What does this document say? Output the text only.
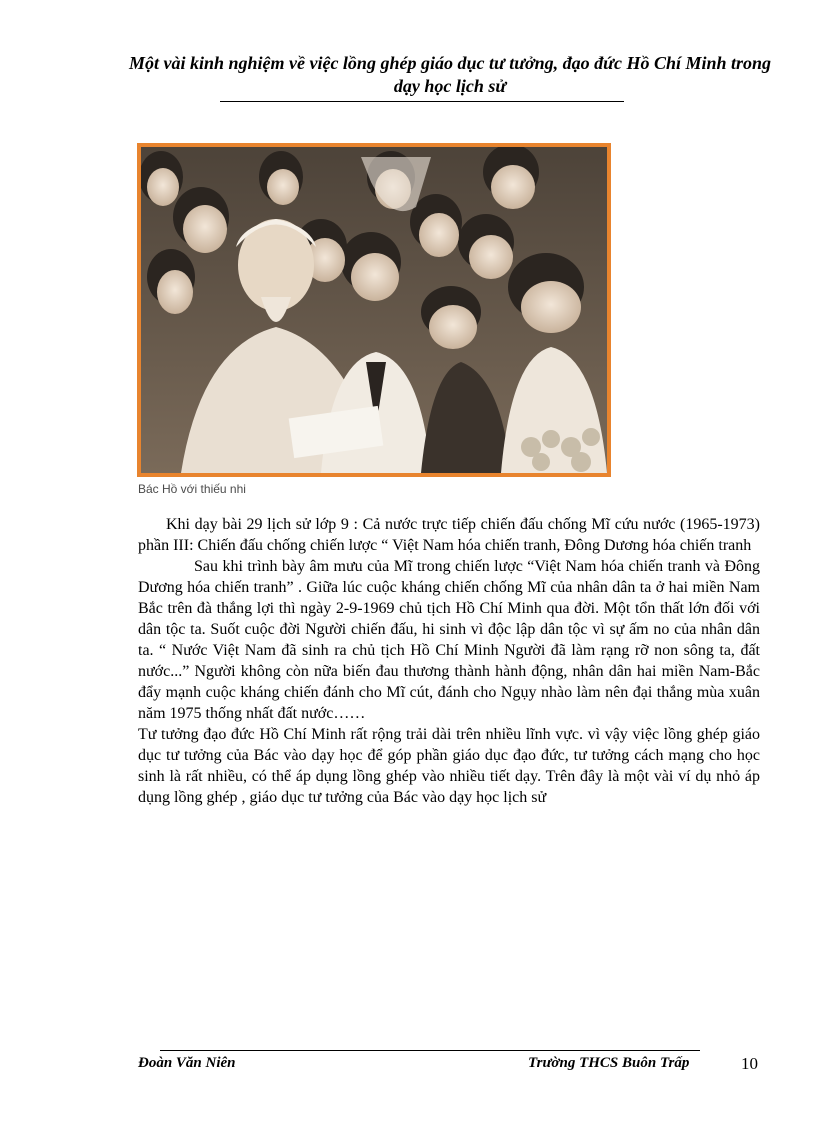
Một vài kinh nghiệm về việc lồng ghép giáo dục tư tưởng, đạo đức Hồ Chí Minh trong dạy học lịch sử
Bác Hồ với thiếu nhi

Khi dạy bài 29 lịch sử lớp 9 : Cả nước trực tiếp chiến đấu chống Mĩ cứu nước (1965-1973) phần III: Chiến đấu chống chiến lược “ Việt Nam hóa chiến tranh, Đông Dương hóa chiến tranh

Sau khi trình bày âm mưu của Mĩ trong chiến lược “Việt Nam hóa chiến tranh và Đông Dương hóa chiến tranh” . Giữa lúc cuộc kháng chiến chống Mĩ của nhân dân ta ở hai miền Nam Bắc trên đà thắng lợi thì ngày 2-9-1969 chủ tịch Hồ Chí Minh qua đời. Một tổn thất lớn đối với dân tộc ta. Suốt cuộc đời Người chiến đấu, hi sinh vì độc lập dân tộc vì sự ấm no của nhân dân ta. “ Nước Việt Nam đã sinh ra chủ tịch Hồ Chí Minh Người đã làm rạng rỡ non sông ta, đất nước...” Người không còn nữa biến đau thương thành hành động, nhân dân hai miền Nam-Bắc đẩy mạnh cuộc kháng chiến đánh cho Mĩ cút, đánh cho Ngụy nhào làm nên đại thắng mùa xuân năm 1975 thống nhất đất nước……

Tư tưởng đạo đức Hồ Chí Minh rất rộng trải dài trên nhiều lĩnh vực. vì vậy việc lồng ghép giáo dục tư tưởng của Bác vào dạy học để góp phần giáo dục đạo đức, tư tưởng cách mạng cho học sinh là rất nhiều, có thể áp dụng lồng ghép vào nhiều tiết dạy. Trên đây là một vài ví dụ nhỏ áp dụng lồng ghép , giáo dục tư tưởng của Bác vào dạy học lịch sử

Đoàn Văn Niên	Trường THCS Buôn Trấp	10
